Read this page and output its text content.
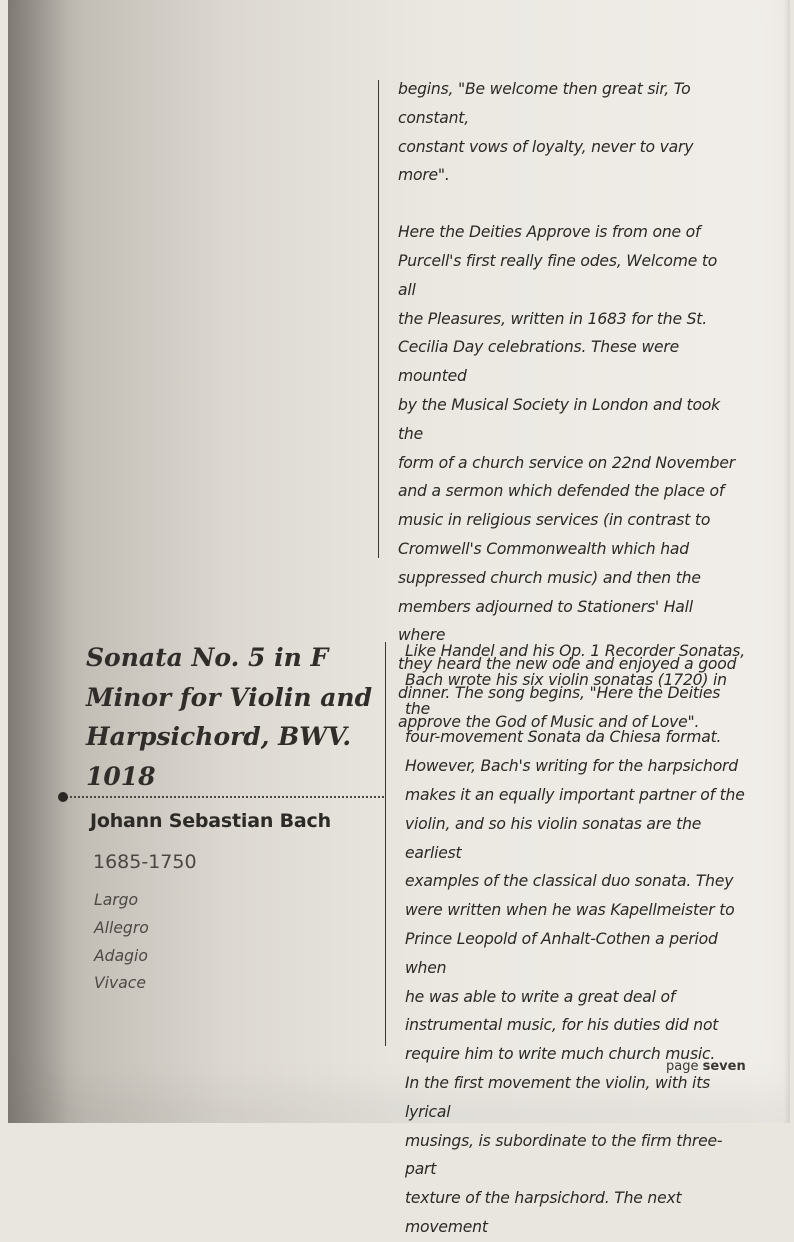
begins, "Be welcome then great sir, To constant,
constant vows of loyalty, never to vary more".

Here the Deities Approve is from one of
Purcell's first really fine odes, Welcome to all
the Pleasures, written in 1683 for the St.
Cecilia Day celebrations. These were mounted
by the Musical Society in London and took the
form of a church service on 22nd November
and a sermon which defended the place of
music in religious services (in contrast to
Cromwell's Commonwealth which had
suppressed church music) and then the
members adjourned to Stationers' Hall where
they heard the new ode and enjoyed a good
dinner. The song begins, "Here the Deities
approve the God of Music and of Love".

Sonata No. 5 in F
Minor for Violin and
Harpsichord, BWV.
1018
Johann Sebastian Bach
1685-1750
Largo
Allegro
Adagio
Vivace

Like Handel and his Op. 1 Recorder Sonatas,
Bach wrote his six violin sonatas (1720) in the
four-movement Sonata da Chiesa format.
However, Bach's writing for the harpsichord
makes it an equally important partner of the
violin, and so his violin sonatas are the earliest
examples of the classical duo sonata. They
were written when he was Kapellmeister to
Prince Leopold of Anhalt-Cothen a period when
he was able to write a great deal of
instrumental music, for his duties did not
require him to write much church music.
In the first movement the violin, with its lyrical
musings, is subordinate to the firm three-part
texture of the harpsichord. The next movement

page seven
